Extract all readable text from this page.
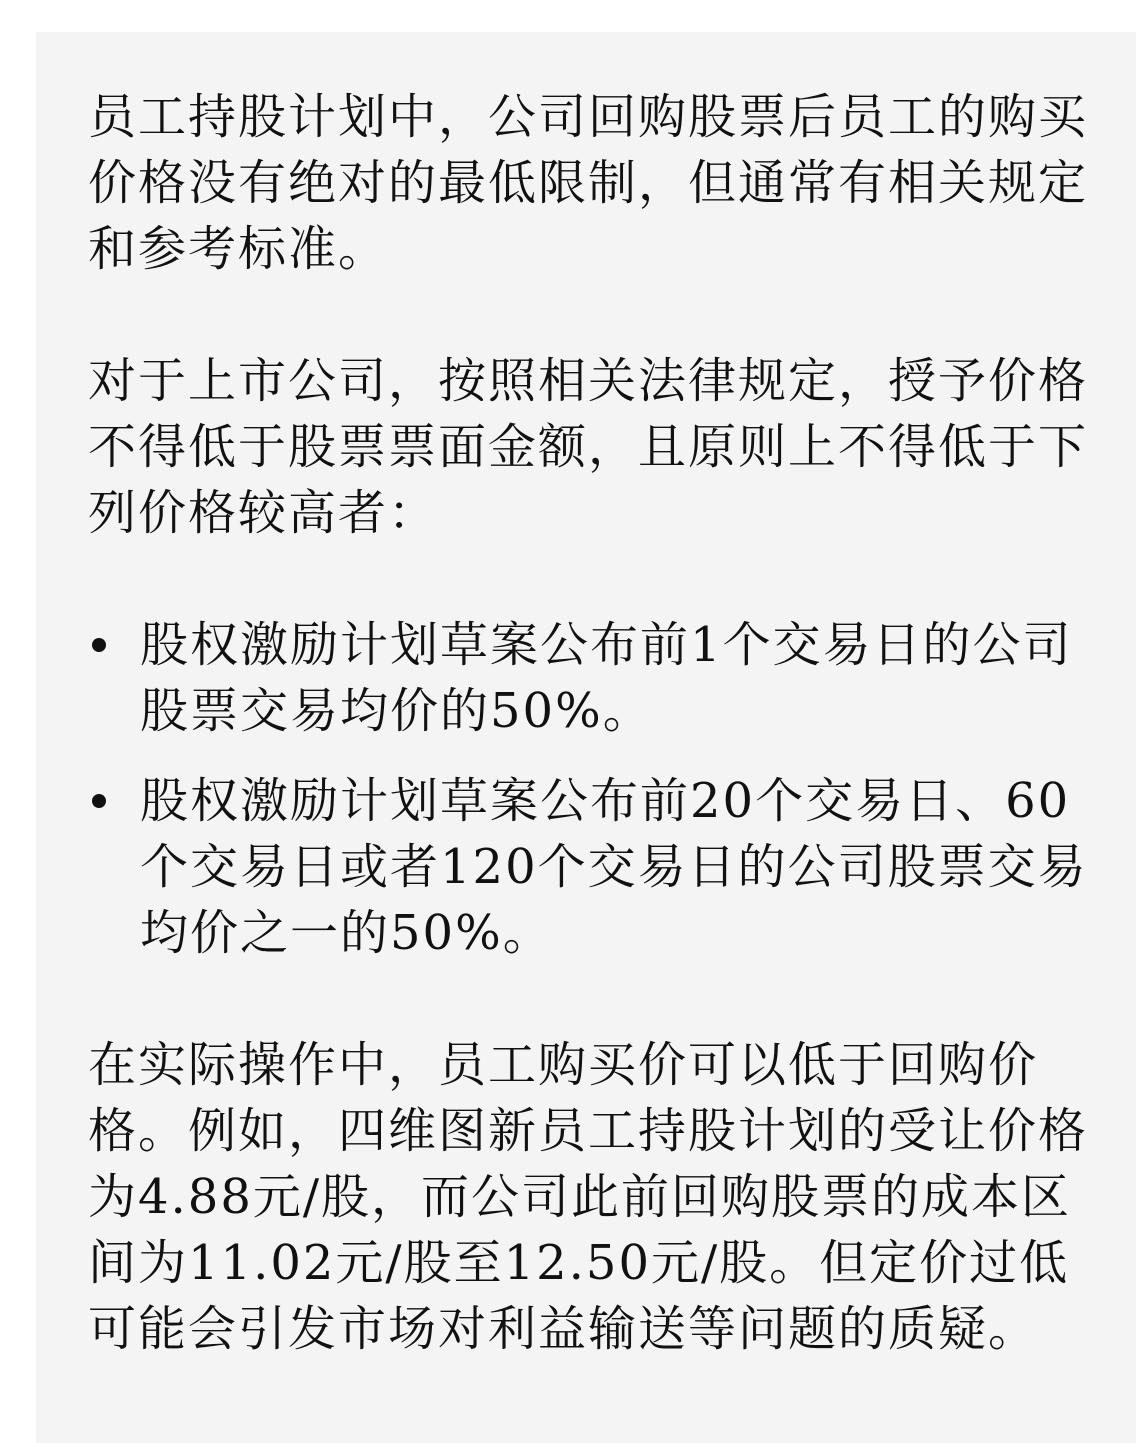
员工持股计划中，公司回购股票后员工的购买价格没有绝对的最低限制，但通常有相关规定和参考标准。

对于上市公司，按照相关法律规定，授予价格不得低于股票票面金额，且原则上不得低于下列价格较高者：

股权激励计划草案公布前1个交易日的公司股票交易均价的50%。
股权激励计划草案公布前20个交易日、60个交易日或者120个交易日的公司股票交易均价之一的50%。

在实际操作中，员工购买价可以低于回购价格。例如，四维图新员工持股计划的受让价格为4.88元/股，而公司此前回购股票的成本区间为11.02元/股至12.50元/股。但定价过低可能会引发市场对利益输送等问题的质疑。
